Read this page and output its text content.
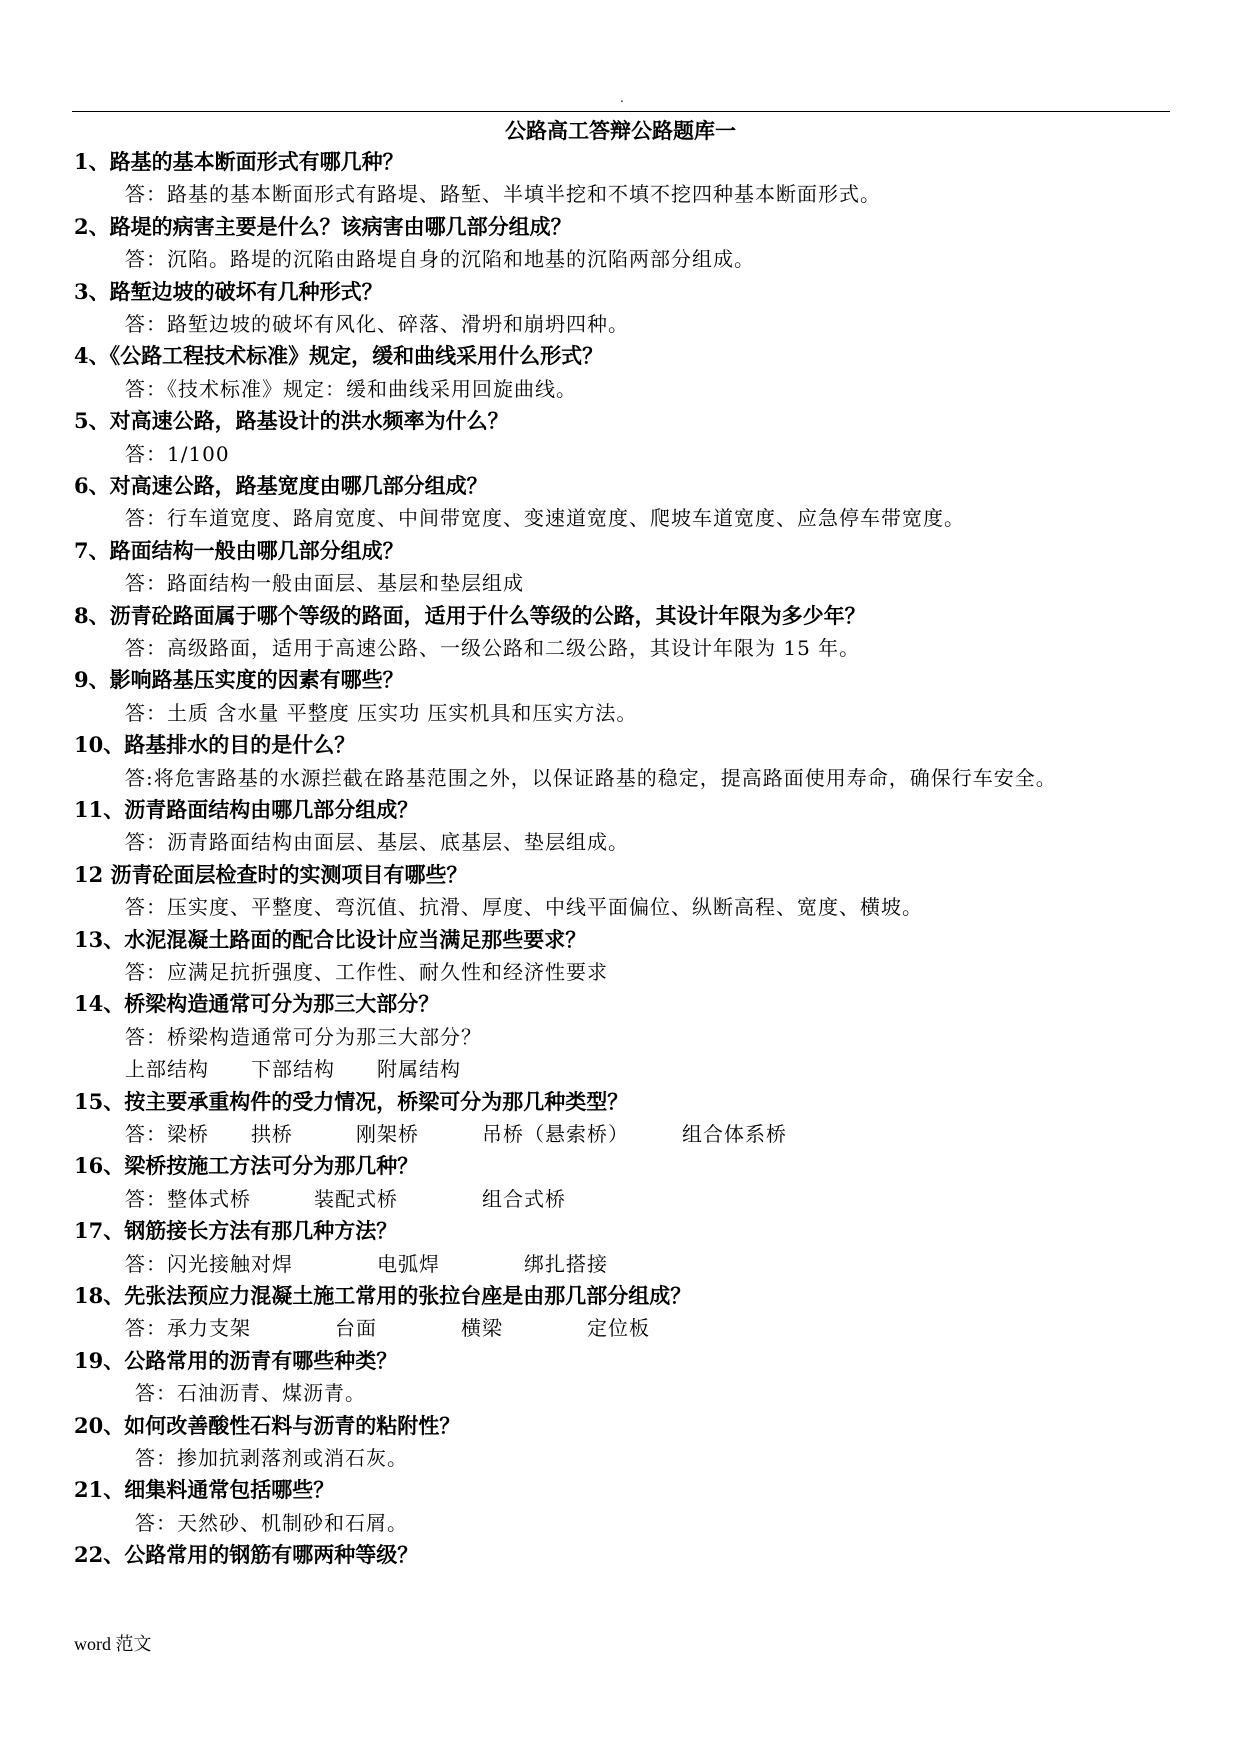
.
公路高工答辩公路题库一
1、路基的基本断面形式有哪几种？
答：路基的基本断面形式有路堤、路堑、半填半挖和不填不挖四种基本断面形式。
2、路堤的病害主要是什么？该病害由哪几部分组成？
答：沉陷。路堤的沉陷由路堤自身的沉陷和地基的沉陷两部分组成。
3、路堑边坡的破坏有几种形式？
答：路堑边坡的破坏有风化、碎落、滑坍和崩坍四种。
4、《公路工程技术标准》规定，缓和曲线采用什么形式？
答：《技术标准》规定：缓和曲线采用回旋曲线。
5、对高速公路，路基设计的洪水频率为什么？
答：1/100
6、对高速公路，路基宽度由哪几部分组成？
答：行车道宽度、路肩宽度、中间带宽度、变速道宽度、爬坡车道宽度、应急停车带宽度。
7、路面结构一般由哪几部分组成？
答：路面结构一般由面层、基层和垫层组成
8、沥青砼路面属于哪个等级的路面，适用于什么等级的公路，其设计年限为多少年？
答：高级路面，适用于高速公路、一级公路和二级公路，其设计年限为 15 年。
9、影响路基压实度的因素有哪些？
答：土质 含水量 平整度 压实功 压实机具和压实方法。
10、路基排水的目的是什么？
答:将危害路基的水源拦截在路基范围之外，以保证路基的稳定，提高路面使用寿命，确保行车安全。
11、沥青路面结构由哪几部分组成？
答：沥青路面结构由面层、基层、底基层、垫层组成。
12 沥青砼面层检查时的实测项目有哪些？
答：压实度、平整度、弯沉值、抗滑、厚度、中线平面偏位、纵断高程、宽度、横坡。
13、水泥混凝土路面的配合比设计应当满足那些要求？
答：应满足抗折强度、工作性、耐久性和经济性要求
14、桥梁构造通常可分为那三大部分？
答：桥梁构造通常可分为那三大部分？
上部结构　　下部结构　　附属结构
15、按主要承重构件的受力情况，桥梁可分为那几种类型？
答：梁桥　　拱桥　　　刚架桥　　　吊桥（悬索桥）　　　组合体系桥
16、梁桥按施工方法可分为那几种？
答：整体式桥　　　装配式桥　　　　组合式桥
17、钢筋接长方法有那几种方法？
答：闪光接触对焊　　　　电弧焊　　　　绑扎搭接
18、先张法预应力混凝土施工常用的张拉台座是由那几部分组成？
答：承力支架　　　　台面　　　　横梁　　　　定位板
19、公路常用的沥青有哪些种类？
答：石油沥青、煤沥青。
20、如何改善酸性石料与沥青的粘附性？
答：掺加抗剥落剂或消石灰。
21、细集料通常包括哪些？
答：天然砂、机制砂和石屑。
22、公路常用的钢筋有哪两种等级？
word 范文
